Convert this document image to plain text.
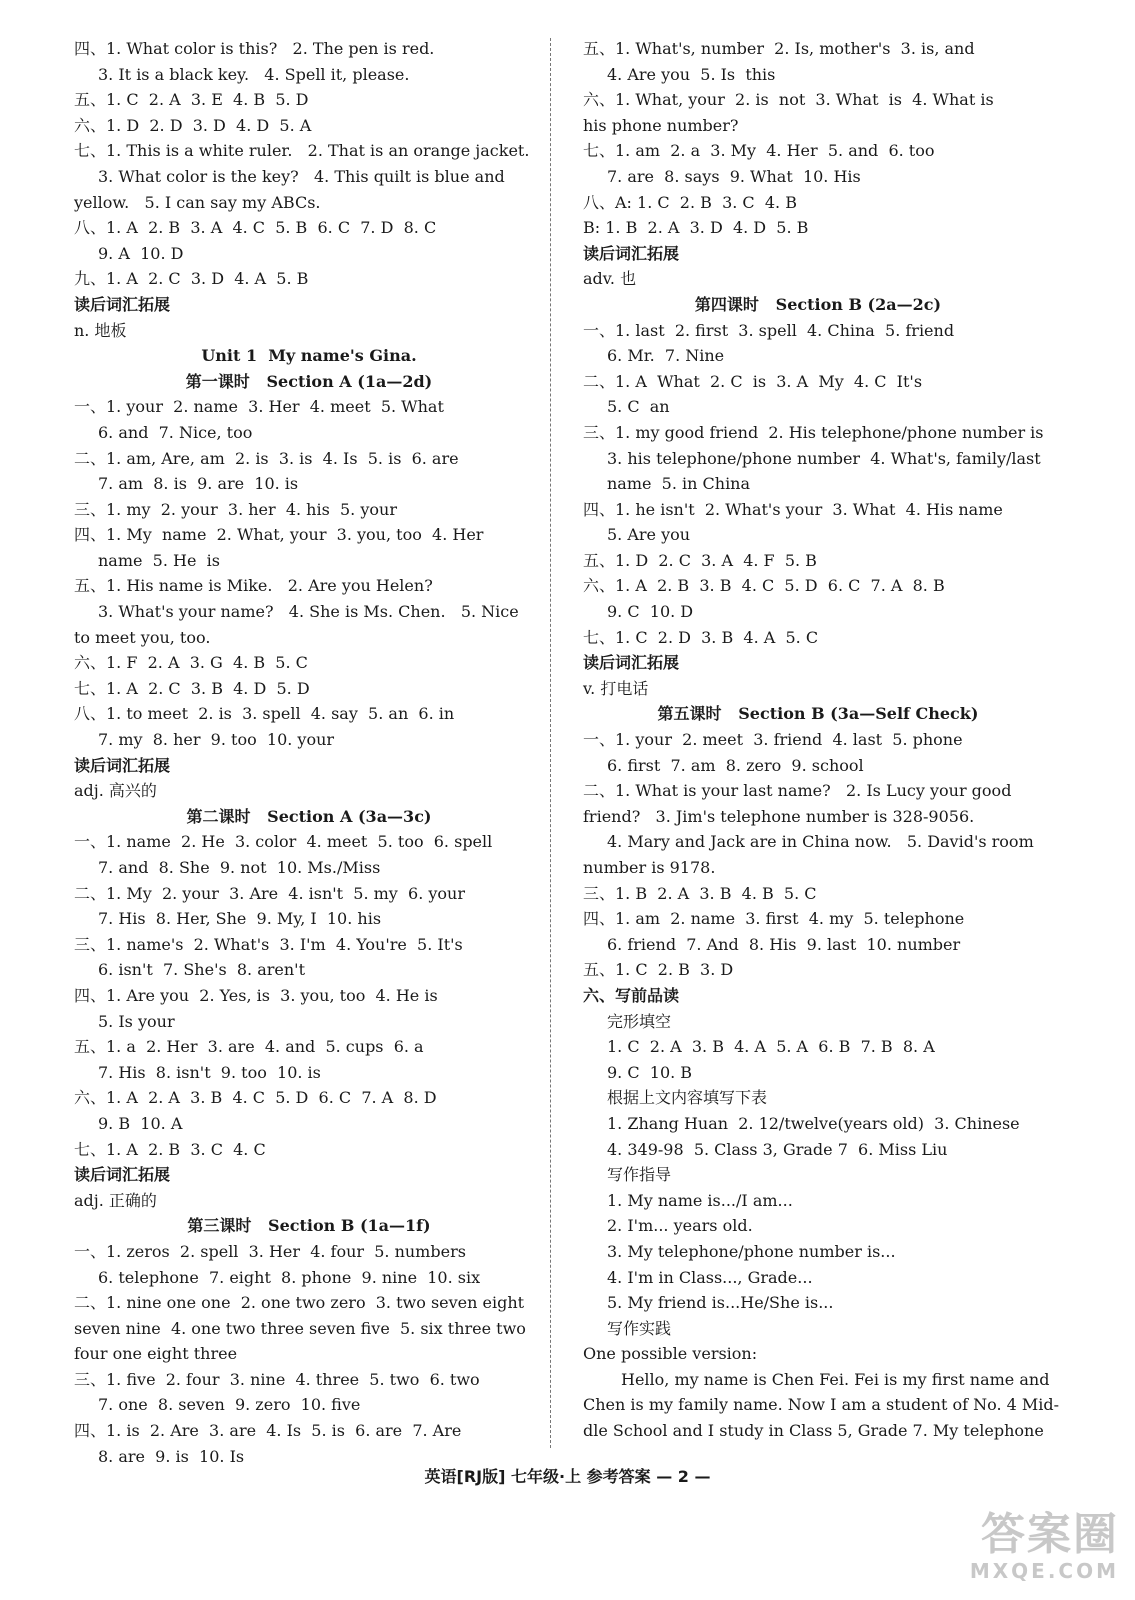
四、1. What color is this?   2. The pen is red.
3. It is a black key.   4. Spell it, please.
五、1. C  2. A  3. E  4. B  5. D
六、1. D  2. D  3. D  4. D  5. A
七、1. This is a white ruler.   2. That is an orange jacket.
3. What color is the key?   4. This quilt is blue and
yellow.   5. I can say my ABCs.
八、1. A  2. B  3. A  4. C  5. B  6. C  7. D  8. C
9. A  10. D
九、1. A  2. C  3. D  4. A  5. B
读后词汇拓展
n. 地板
Unit 1  My name's Gina.
第一课时   Section A (1a—2d)
一、1. your  2. name  3. Her  4. meet  5. What
6. and  7. Nice, too
二、1. am, Are, am  2. is  3. is  4. Is  5. is  6. are
7. am  8. is  9. are  10. is
三、1. my  2. your  3. her  4. his  5. your
四、1. My  name  2. What, your  3. you, too  4. Her
name  5. He  is
五、1. His name is Mike.   2. Are you Helen?
3. What's your name?   4. She is Ms. Chen.   5. Nice
to meet you, too.
六、1. F  2. A  3. G  4. B  5. C
七、1. A  2. C  3. B  4. D  5. D
八、1. to meet  2. is  3. spell  4. say  5. an  6. in
7. my  8. her  9. too  10. your
读后词汇拓展
adj. 高兴的
第二课时   Section A (3a—3c)
一、1. name  2. He  3. color  4. meet  5. too  6. spell
7. and  8. She  9. not  10. Ms./Miss
二、1. My  2. your  3. Are  4. isn't  5. my  6. your
7. His  8. Her, She  9. My, I  10. his
三、1. name's  2. What's  3. I'm  4. You're  5. It's
6. isn't  7. She's  8. aren't
四、1. Are you  2. Yes, is  3. you, too  4. He is
5. Is your
五、1. a  2. Her  3. are  4. and  5. cups  6. a
7. His  8. isn't  9. too  10. is
六、1. A  2. A  3. B  4. C  5. D  6. C  7. A  8. D
9. B  10. A
七、1. A  2. B  3. C  4. C
读后词汇拓展
adj. 正确的
第三课时   Section B (1a—1f)
一、1. zeros  2. spell  3. Her  4. four  5. numbers
6. telephone  7. eight  8. phone  9. nine  10. six
二、1. nine one one  2. one two zero  3. two seven eight
seven nine  4. one two three seven five  5. six three two
four one eight three
三、1. five  2. four  3. nine  4. three  5. two  6. two
7. one  8. seven  9. zero  10. five
四、1. is  2. Are  3. are  4. Is  5. is  6. are  7. Are
8. are  9. is  10. Is
五、1. What's, number  2. Is, mother's  3. is, and
4. Are you  5. Is  this
六、1. What, your  2. is  not  3. What  is  4. What is
his phone number?
七、1. am  2. a  3. My  4. Her  5. and  6. too
7. are  8. says  9. What  10. His
八、A: 1. C  2. B  3. C  4. B
B: 1. B  2. A  3. D  4. D  5. B
读后词汇拓展
adv. 也
第四课时   Section B (2a—2c)
一、1. last  2. first  3. spell  4. China  5. friend
6. Mr.  7. Nine
二、1. A  What  2. C  is  3. A  My  4. C  It's
5. C  an
三、1. my good friend  2. His telephone/phone number is
3. his telephone/phone number  4. What's, family/last
name  5. in China
四、1. he isn't  2. What's your  3. What  4. His name
5. Are you
五、1. D  2. C  3. A  4. F  5. B
六、1. A  2. B  3. B  4. C  5. D  6. C  7. A  8. B
9. C  10. D
七、1. C  2. D  3. B  4. A  5. C
读后词汇拓展
v. 打电话
第五课时   Section B (3a—Self Check)
一、1. your  2. meet  3. friend  4. last  5. phone
6. first  7. am  8. zero  9. school
二、1. What is your last name?   2. Is Lucy your good
friend?   3. Jim's telephone number is 328-9056.
4. Mary and Jack are in China now.   5. David's room
number is 9178.
三、1. B  2. A  3. B  4. B  5. C
四、1. am  2. name  3. first  4. my  5. telephone
6. friend  7. And  8. His  9. last  10. number
五、1. C  2. B  3. D
六、写前品读
完形填空
1. C  2. A  3. B  4. A  5. A  6. B  7. B  8. A
9. C  10. B
根据上文内容填写下表
1. Zhang Huan  2. 12/twelve(years old)  3. Chinese
4. 349-98  5. Class 3, Grade 7  6. Miss Liu
写作指导
1. My name is.../I am...
2. I'm... years old.
3. My telephone/phone number is...
4. I'm in Class..., Grade...
5. My friend is...He/She is...
写作实践
One possible version:
Hello, my name is Chen Fei. Fei is my first name and
Chen is my family name. Now I am a student of No. 4 Mid-
dle School and I study in Class 5, Grade 7. My telephone
英语[RJ版] 七年级·上 参考答案 — 2 —
答案圈
MXQE.COM
